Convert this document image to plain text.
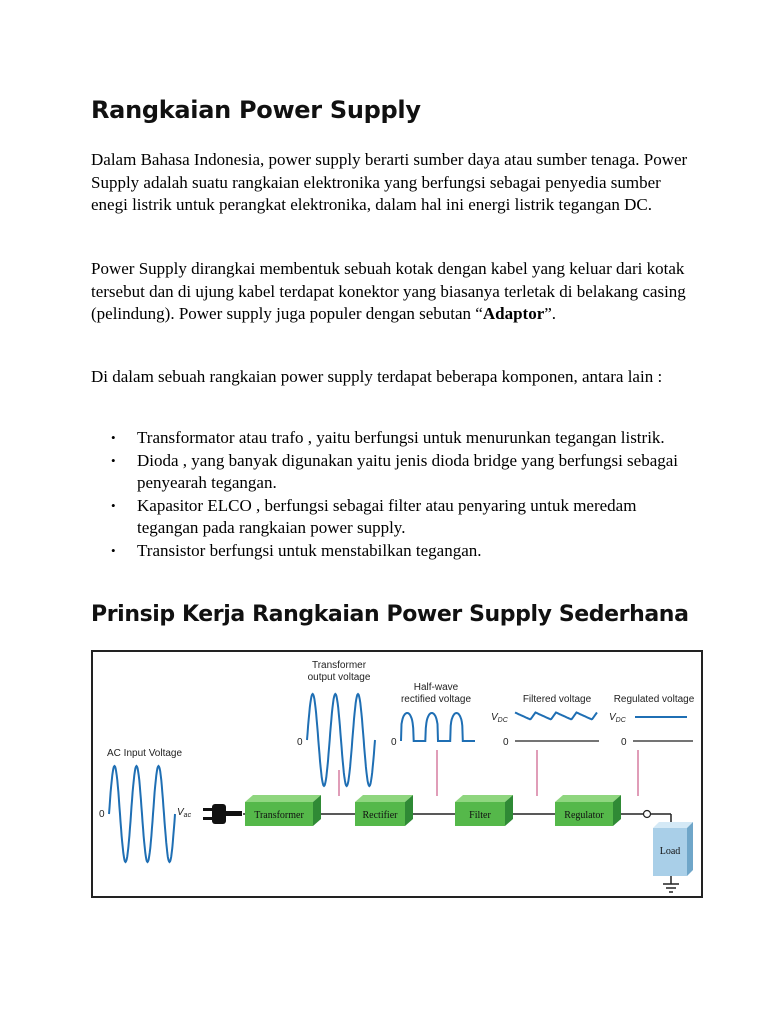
Rangkaian Power Supply

Dalam Bahasa Indonesia, power supply berarti sumber daya atau sumber tenaga. Power Supply adalah suatu rangkaian elektronika yang berfungsi sebagai penyedia sumber enegi listrik untuk perangkat elektronika, dalam hal ini energi listrik tegangan DC.

Power Supply dirangkai membentuk sebuah kotak dengan kabel yang keluar dari kotak tersebut dan di ujung kabel terdapat konektor yang biasanya terletak di belakang casing (pelindung). Power supply juga populer dengan sebutan “Adaptor”.

Di dalam sebuah rangkaian power supply terdapat beberapa komponen, antara lain :

• Transformator atau trafo , yaitu berfungsi untuk menurunkan tegangan listrik.
• Dioda , yang banyak digunakan yaitu jenis dioda bridge yang berfungsi sebagai penyearah tegangan.
• Kapasitor ELCO , berfungsi sebagai filter atau penyaring untuk meredam tegangan pada rangkaian power supply.
• Transistor berfungsi untuk menstabilkan tegangan.
Prinsip Kerja Rangkaian Power Supply Sederhana
AC Input Voltage
0	$V_{ac}$
Transformer
output voltage
0
Half-wave
rectified voltage
0
Filtered voltage
$V_{DC}$
0
Regulated voltage
$V_{DC}$
0
Transformer	Rectifier	Filter	Regulator
Load
